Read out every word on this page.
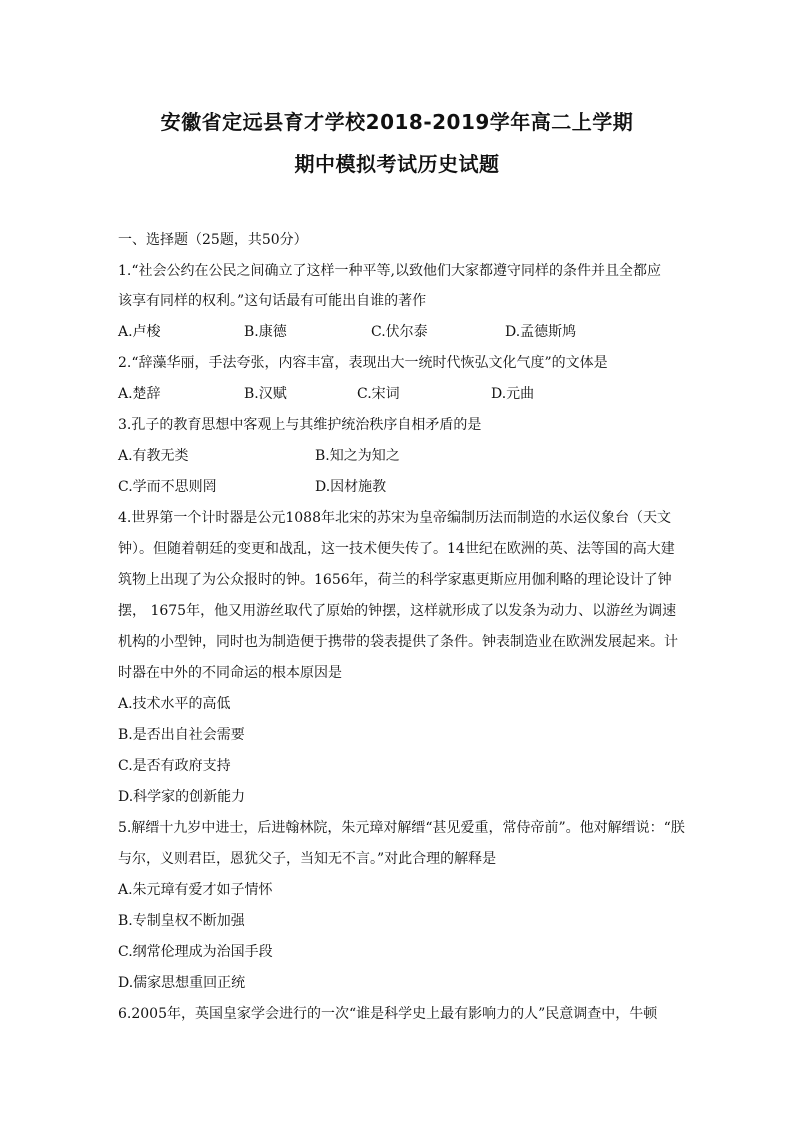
安徽省定远县育才学校2018-2019学年高二上学期
期中模拟考试历史试题
一、选择题（25题，共50分）
1.“社会公约在公民之间确立了这样一种平等,以致他们大家都遵守同样的条件并且全都应
该享有同样的权利。”这句话最有可能出自谁的著作
A.卢梭	B.康德	C.伏尔泰	D.孟德斯鸠
2.“辞藻华丽，手法夸张，内容丰富，表现出大一统时代恢弘文化气度”的文体是
A.楚辞	B.汉赋	C.宋词	D.元曲
3.孔子的教育思想中客观上与其维护统治秩序自相矛盾的是
A.有教无类	B.知之为知之
C.学而不思则罔	D.因材施教
4.世界第一个计时器是公元1088年北宋的苏宋为皇帝编制历法而制造的水运仪象台（天文
钟）。但随着朝廷的变更和战乱，这一技术便失传了。14世纪在欧洲的英、法等国的高大建
筑物上出现了为公众报时的钟。1656年，荷兰的科学家惠更斯应用伽利略的理论设计了钟
摆， 1675年，他又用游丝取代了原始的钟摆，这样就形成了以发条为动力、以游丝为调速
机构的小型钟，同时也为制造便于携带的袋表提供了条件。钟表制造业在欧洲发展起来。计
时器在中外的不同命运的根本原因是
A.技术水平的高低
B.是否出自社会需要
C.是否有政府支持
D.科学家的创新能力
5.解缙十九岁中进士，后进翰林院，朱元璋对解缙“甚见爱重，常侍帝前”。他对解缙说：“朕
与尔，义则君臣，恩犹父子，当知无不言。”对此合理的解释是
A.朱元璋有爱才如子情怀
B.专制皇权不断加强
C.纲常伦理成为治国手段
D.儒家思想重回正统
6.2005年，英国皇家学会进行的一次“谁是科学史上最有影响力的人”民意调查中，牛顿
